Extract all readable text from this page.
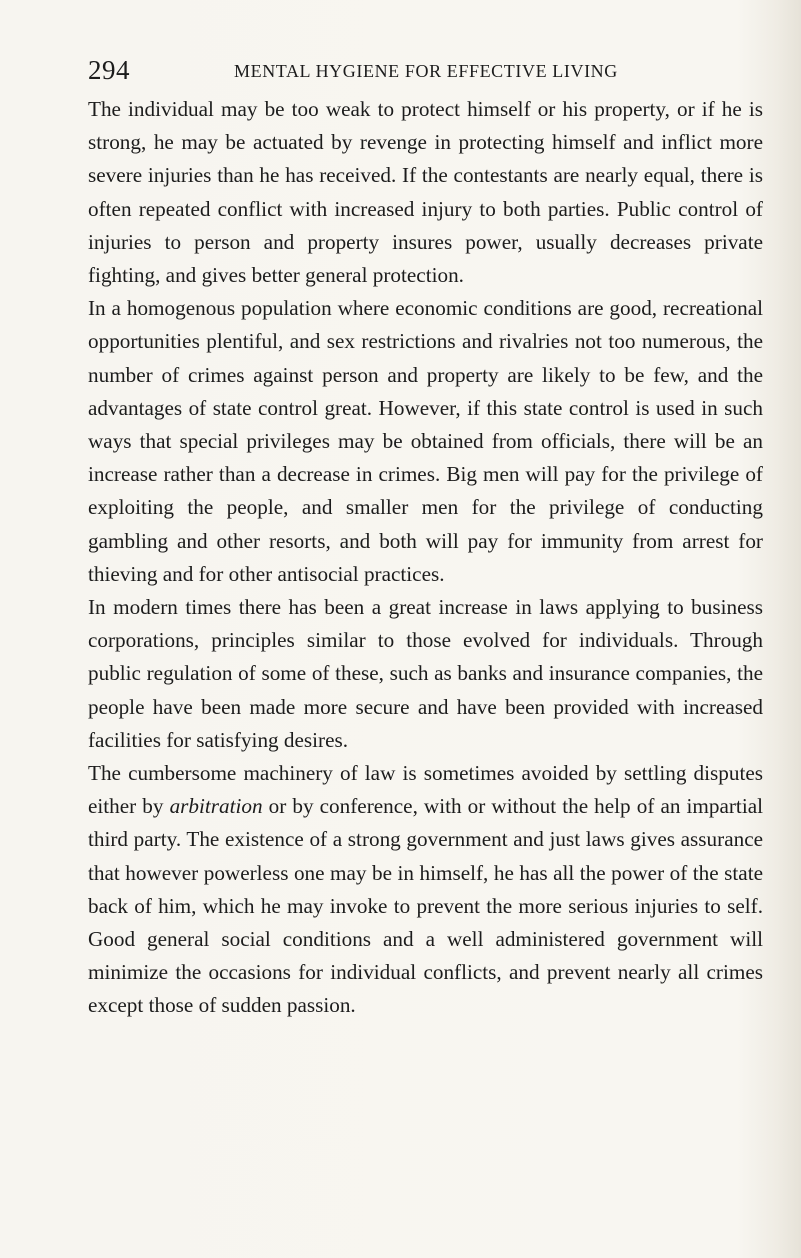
294	MENTAL HYGIENE FOR EFFECTIVE LIVING

The individual may be too weak to protect himself or his property, or if he is strong, he may be actuated by revenge in protecting himself and inflict more severe injuries than he has received. If the contestants are nearly equal, there is often repeated conflict with increased injury to both parties. Public control of injuries to person and property insures power, usually decreases private fighting, and gives better general protection.

In a homogenous population where economic conditions are good, recreational opportunities plentiful, and sex restrictions and rivalries not too numerous, the number of crimes against person and property are likely to be few, and the advantages of state control great. However, if this state control is used in such ways that special privileges may be obtained from officials, there will be an increase rather than a decrease in crimes. Big men will pay for the privilege of exploiting the people, and smaller men for the privilege of conducting gambling and other resorts, and both will pay for immunity from arrest for thieving and for other antisocial practices.

In modern times there has been a great increase in laws applying to business corporations, principles similar to those evolved for individuals. Through public regulation of some of these, such as banks and insurance companies, the people have been made more secure and have been provided with increased facilities for satisfying desires.

The cumbersome machinery of law is sometimes avoided by settling disputes either by arbitration or by conference, with or without the help of an impartial third party. The existence of a strong government and just laws gives assurance that however powerless one may be in himself, he has all the power of the state back of him, which he may invoke to prevent the more serious injuries to self. Good general social conditions and a well administered government will minimize the occasions for individual conflicts, and prevent nearly all crimes except those of sudden passion.
